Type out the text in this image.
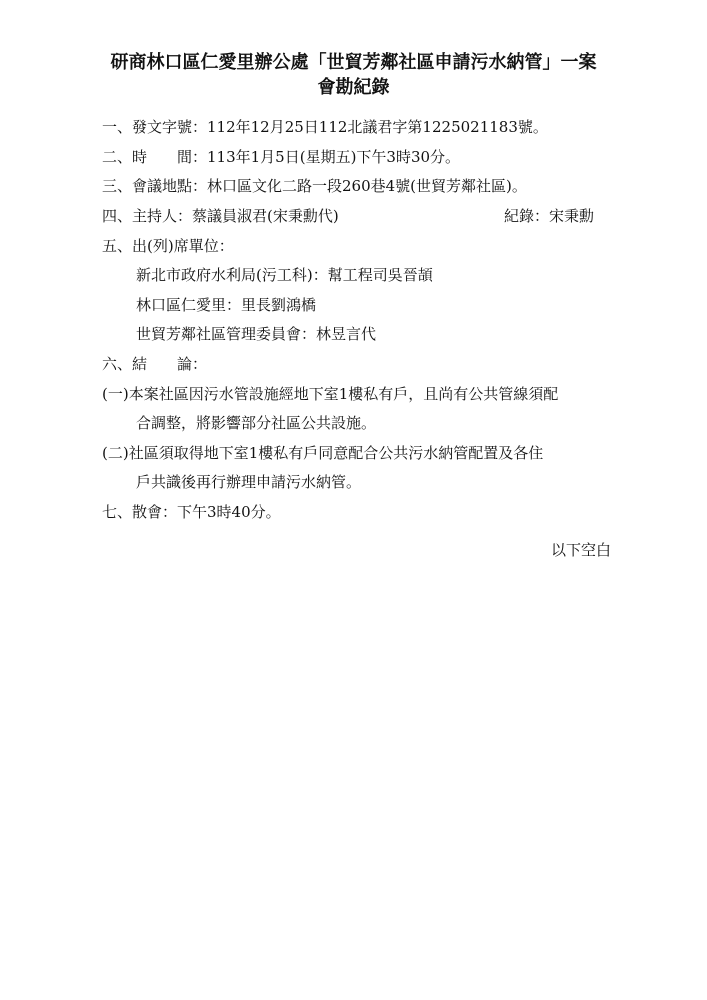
研商林口區仁愛里辦公處「世貿芳鄰社區申請污水納管」一案
會勘紀錄
一、發文字號：112年12月25日112北議君字第1225021183號。
二、時　　間：113年1月5日(星期五)下午3時30分。
三、會議地點：林口區文化二路一段260巷4號(世貿芳鄰社區)。
四、主持人：蔡議員淑君(宋秉勳代)	紀錄：宋秉勳
五、出(列)席單位：
新北市政府水利局(污工科)：幫工程司吳晉頡
林口區仁愛里：里長劉鴻橋
世貿芳鄰社區管理委員會：林昱言代
六、結　　論：
(一)本案社區因污水管設施經地下室1樓私有戶，且尚有公共管線須配
合調整，將影響部分社區公共設施。
(二)社區須取得地下室1樓私有戶同意配合公共污水納管配置及各住
戶共識後再行辦理申請污水納管。
七、散會：下午3時40分。
以下空白
